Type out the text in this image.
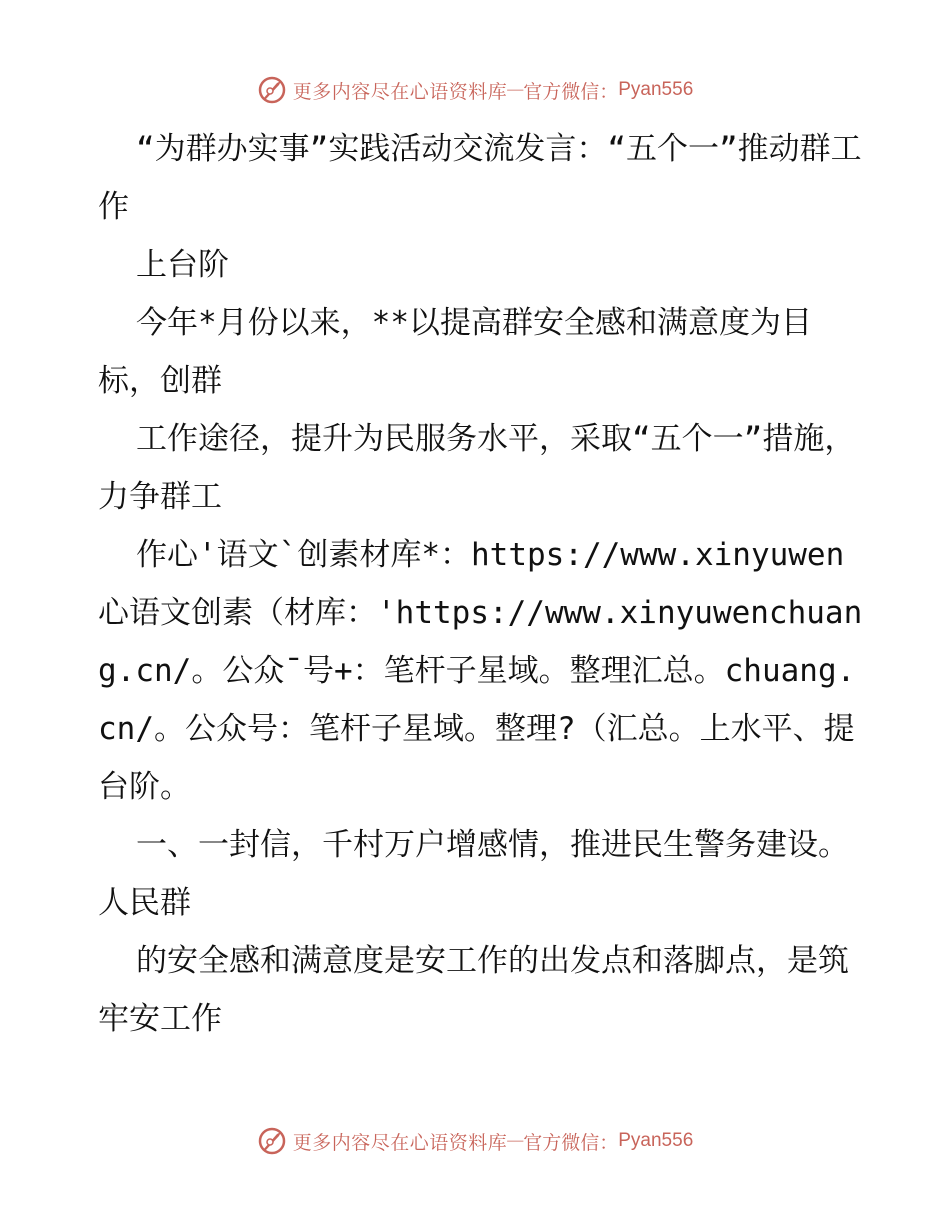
更多内容尽在心语资料库 — 官方微信： Pyan556

“为群办实事”实践活动交流发言：“五个一”推动群工作

上台阶

今年*月份以来，**以提高群安全感和满意度为目标，创群

工作途径，提升为民服务水平，采取“五个一”措施，力争群工

作心'语文`创素材库*：https://www.xinyuwen心语文创素（材库：'https://www.xinyuwenchuang.cn/。公众¯号+：笔杆子星域。整理汇总。chuang.cn/。公众号：笔杆子星域。整理?（汇总。上水平、提台阶。

一、一封信，千村万户增感情，推进民生警务建设。人民群

的安全感和满意度是安工作的出发点和落脚点，是筑牢安工作

更多内容尽在心语资料库 — 官方微信： Pyan556
